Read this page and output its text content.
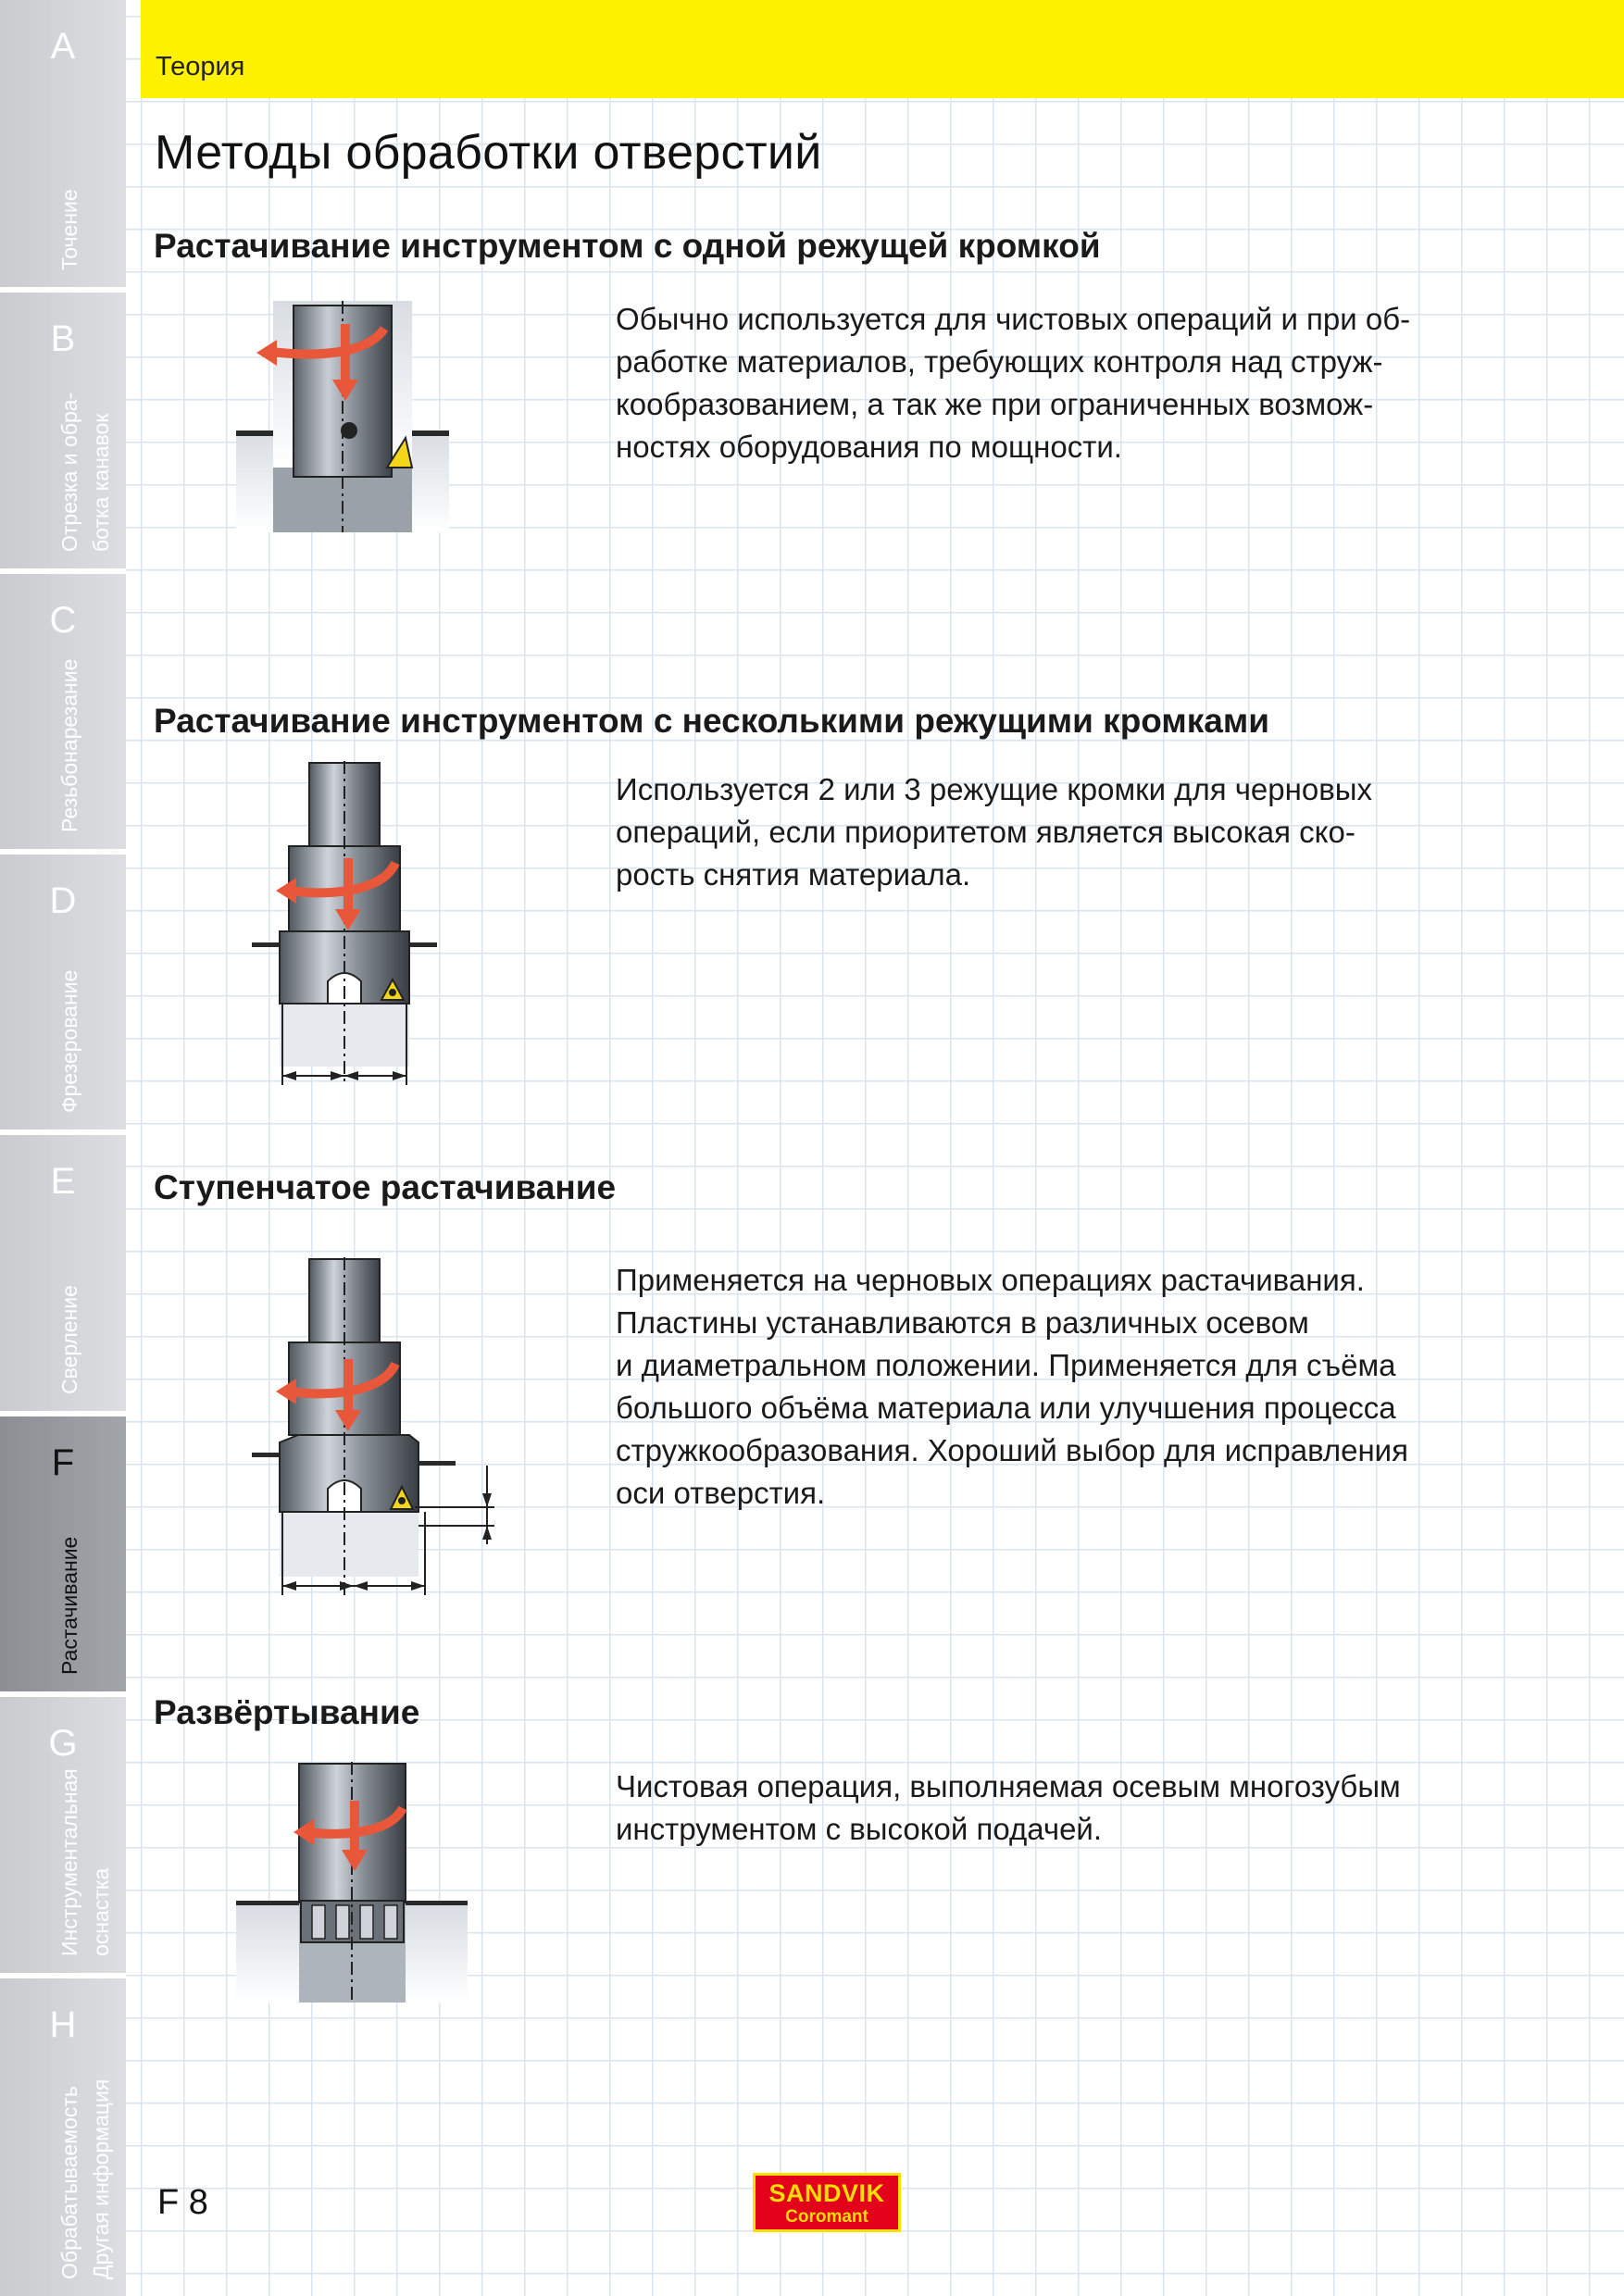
A
Точение
B
Отрезка и обра-
ботка канавок
C
Резьбонарезание
D
Фрезерование
E
Сверление
F
Растачивание
G
Инструментальная
оснастка
H
Обрабатываемость
Другая информация
Теория
Методы обработки отверстий
Растачивание инструментом с одной режущей кромкой

Обычно используется для чистовых операций и при об-
работке материалов, требующих контроля над струж-
кообразованием, а так же при ограниченных возмож-
ностях оборудования по мощности.

Растачивание инструментом с несколькими режущими кромками

Используется 2 или 3 режущие кромки для черновых
операций, если приоритетом является высокая ско-
рость снятия материала.

Ступенчатое растачивание

Применяется на черновых операциях растачивания.
Пластины устанавливаются в различных осевом
и диаметральном положении. Применяется для съёма
большого объёма материала или улучшения процесса
стружкообразования. Хороший выбор для исправления
оси отверстия.

Развёртывание

Чистовая операция, выполняемая осевым многозубым
инструментом с высокой подачей.

F 8	SANDVIK
Coromant
